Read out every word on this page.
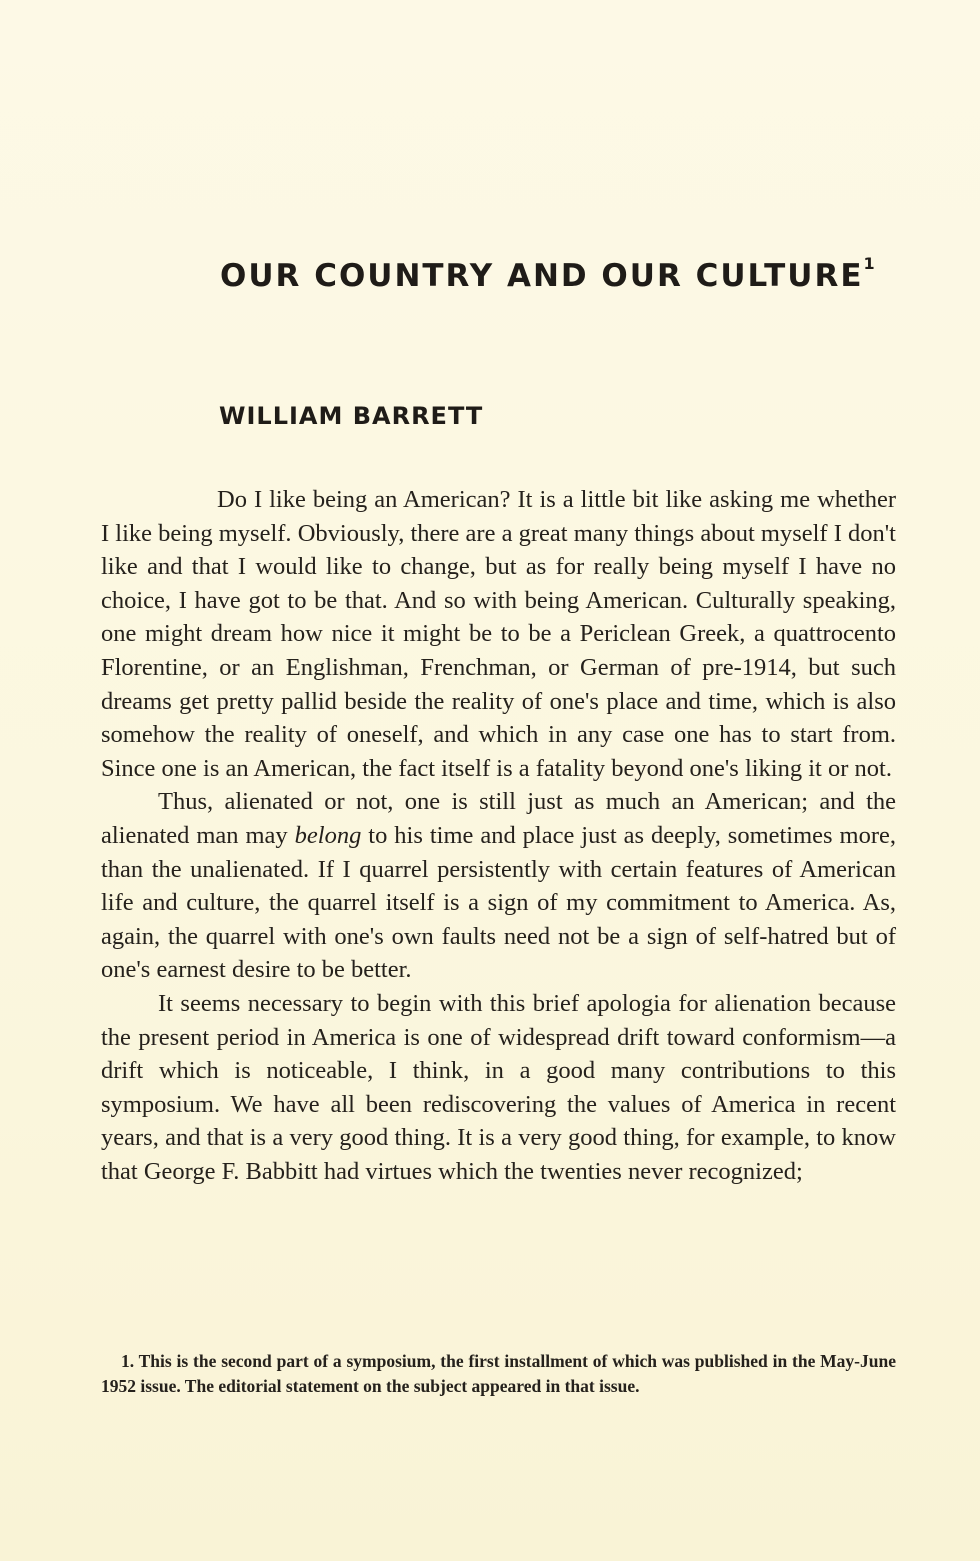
OUR COUNTRY AND OUR CULTURE$^1$
WILLIAM BARRETT

Do I like being an American? It is a little bit like asking me whether I like being myself. Obviously, there are a great many things about myself I don't like and that I would like to change, but as for really being myself I have no choice, I have got to be that. And so with being American. Culturally speaking, one might dream how nice it might be to be a Periclean Greek, a quattrocento Florentine, or an Englishman, Frenchman, or German of pre-1914, but such dreams get pretty pallid beside the reality of one's place and time, which is also somehow the reality of oneself, and which in any case one has to start from. Since one is an American, the fact itself is a fatality beyond one's liking it or not.

Thus, alienated or not, one is still just as much an American; and the alienated man may belong to his time and place just as deeply, sometimes more, than the unalienated. If I quarrel persistently with certain features of American life and culture, the quarrel itself is a sign of my commitment to America. As, again, the quarrel with one's own faults need not be a sign of self-hatred but of one's earnest desire to be better.

It seems necessary to begin with this brief apologia for alienation because the present period in America is one of widespread drift toward conformism—a drift which is noticeable, I think, in a good many contributions to this symposium. We have all been rediscovering the values of America in recent years, and that is a very good thing. It is a very good thing, for example, to know that George F. Babbitt had virtues which the twenties never recognized;

1. This is the second part of a symposium, the first installment of which was published in the May-June 1952 issue. The editorial statement on the subject appeared in that issue.
